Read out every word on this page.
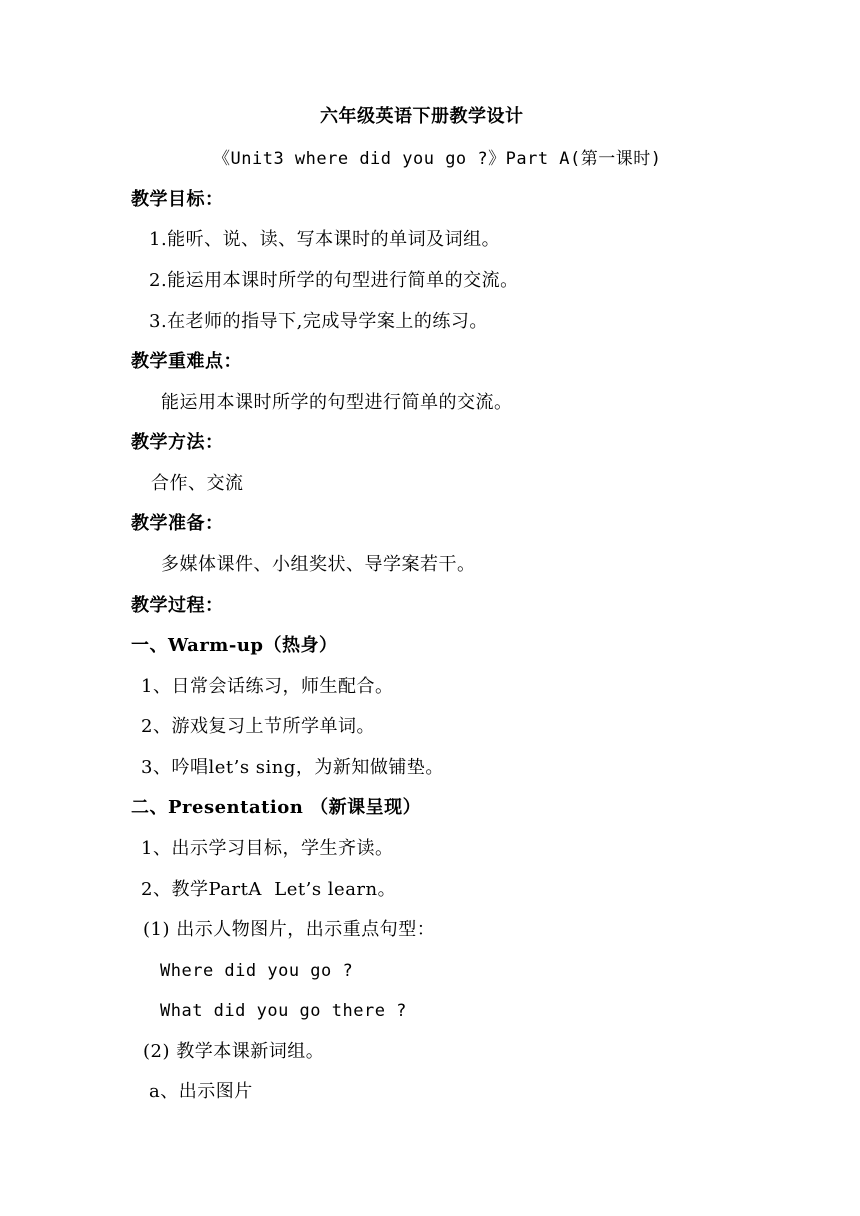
六年级英语下册教学设计
《Unit3 where did you go ?》Part A(第一课时)
教学目标：
1.能听、说、读、写本课时的单词及词组。
2.能运用本课时所学的句型进行简单的交流。
3.在老师的指导下,完成导学案上的练习。
教学重难点：
能运用本课时所学的句型进行简单的交流。
教学方法：
合作、交流
教学准备：
多媒体课件、小组奖状、导学案若干。
教学过程：
一、Warm-up（热身）
1、日常会话练习，师生配合。
2、游戏复习上节所学单词。
3、吟唱let’s sing，为新知做铺垫。
二、Presentation （新课呈现）
1、出示学习目标，学生齐读。
2、教学PartA  Let’s learn。
(1) 出示人物图片，出示重点句型：
Where did you go ?
What did you go there ?
(2) 教学本课新词组。
a、出示图片
